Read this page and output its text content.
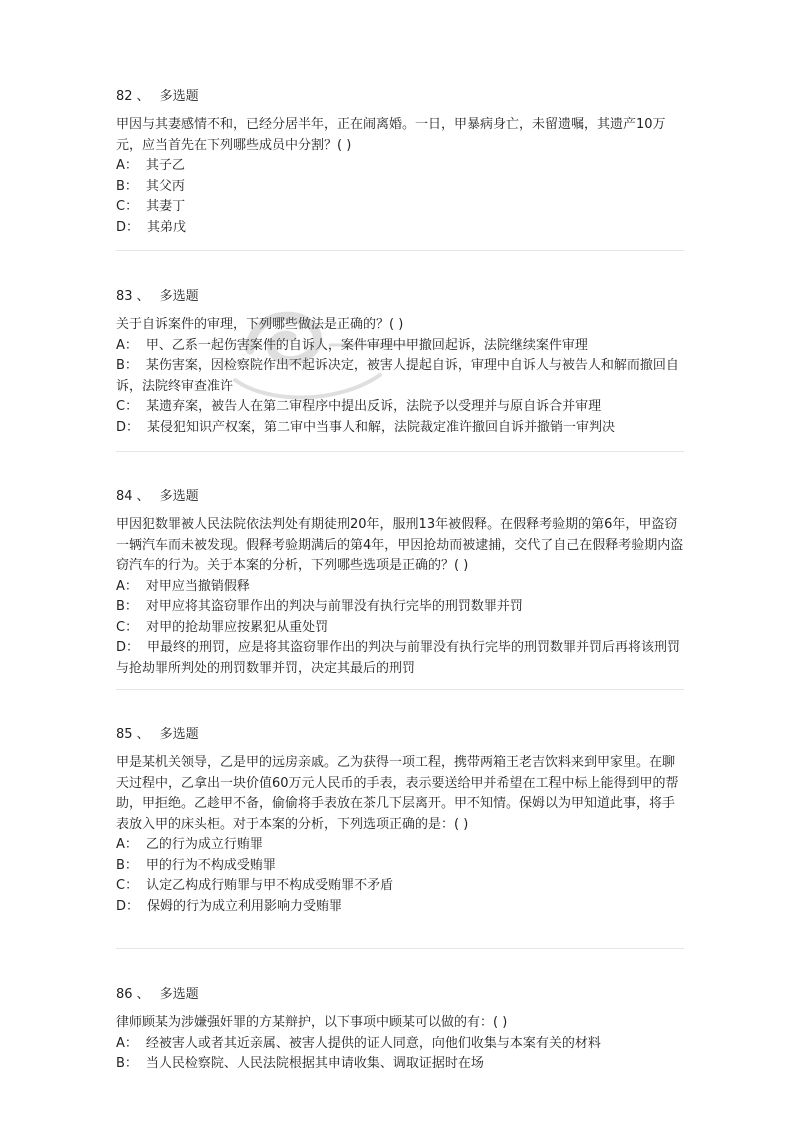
82 、 多选题
甲因与其妻感情不和，已经分居半年，正在闹离婚。一日，甲暴病身亡，未留遗嘱，其遗产10万元，应当首先在下列哪些成员中分割？( )
A： 其子乙
B： 其父丙
C： 其妻丁
D： 其弟戊
83 、 多选题
关于自诉案件的审理，下列哪些做法是正确的？( )
A： 甲、乙系一起伤害案件的自诉人，案件审理中甲撤回起诉，法院继续案件审理
B： 某伤害案，因检察院作出不起诉决定，被害人提起自诉，审理中自诉人与被告人和解而撤回自诉，法院终审查准许
C： 某遗弃案，被告人在第二审程序中提出反诉，法院予以受理并与原自诉合并审理
D： 某侵犯知识产权案，第二审中当事人和解，法院裁定准许撤回自诉并撤销一审判决
84 、 多选题
甲因犯数罪被人民法院依法判处有期徒刑20年，服刑13年被假释。在假释考验期的第6年，甲盗窃一辆汽车而未被发现。假释考验期满后的第4年，甲因抢劫而被逮捕，交代了自己在假释考验期内盗窃汽车的行为。关于本案的分析，下列哪些选项是正确的？( )
A： 对甲应当撤销假释
B： 对甲应将其盗窃罪作出的判决与前罪没有执行完毕的刑罚数罪并罚
C： 对甲的抢劫罪应按累犯从重处罚
D： 甲最终的刑罚，应是将其盗窃罪作出的判决与前罪没有执行完毕的刑罚数罪并罚后再将该刑罚与抢劫罪所判处的刑罚数罪并罚，决定其最后的刑罚
85 、 多选题
甲是某机关领导，乙是甲的远房亲戚。乙为获得一项工程，携带两箱王老吉饮料来到甲家里。在聊天过程中，乙拿出一块价值60万元人民币的手表，表示要送给甲并希望在工程中标上能得到甲的帮助，甲拒绝。乙趁甲不备，偷偷将手表放在茶几下层离开。甲不知情。保姆以为甲知道此事，将手表放入甲的床头柜。对于本案的分析，下列选项正确的是：( )
A： 乙的行为成立行贿罪
B： 甲的行为不构成受贿罪
C： 认定乙构成行贿罪与甲不构成受贿罪不矛盾
D： 保姆的行为成立利用影响力受贿罪
86 、 多选题
律师顾某为涉嫌强奸罪的方某辩护，以下事项中顾某可以做的有：( )
A： 经被害人或者其近亲属、被害人提供的证人同意，向他们收集与本案有关的材料
B： 当人民检察院、人民法院根据其申请收集、调取证据时在场
